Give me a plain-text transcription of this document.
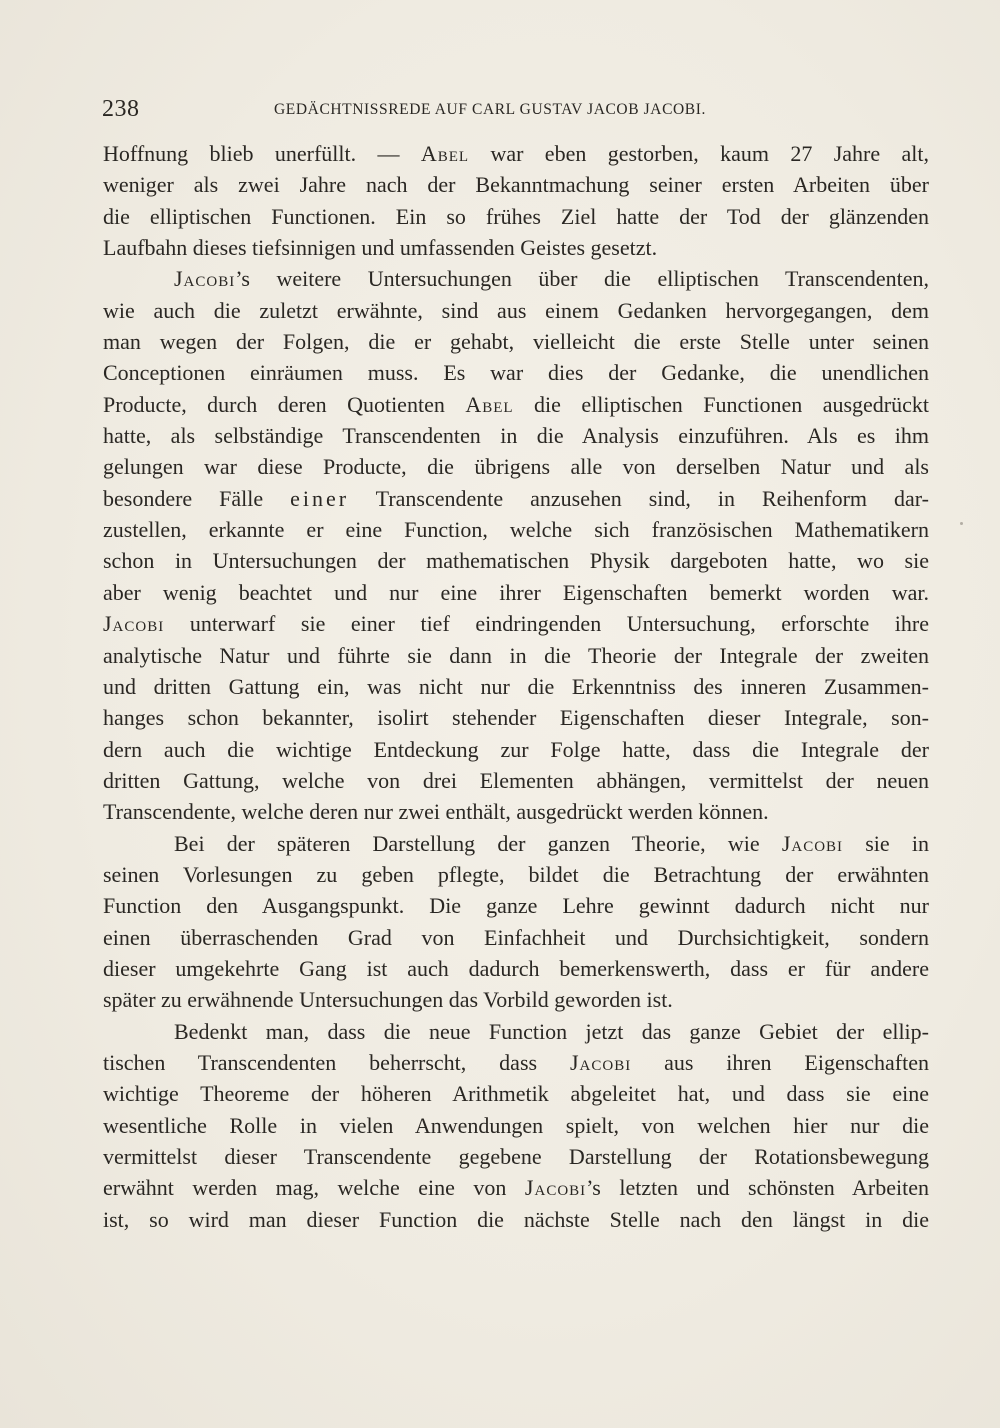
238	GEDÄCHTNISSREDE AUF CARL GUSTAV JACOB JACOBI.
Hoffnung blieb unerfüllt. — Abel war eben gestorben, kaum 27 Jahre alt,
weniger als zwei Jahre nach der Bekanntmachung seiner ersten Arbeiten über
die elliptischen Functionen. Ein so frühes Ziel hatte der Tod der glänzenden
Laufbahn dieses tiefsinnigen und umfassenden Geistes gesetzt.
Jacobi’s weitere Untersuchungen über die elliptischen Transcendenten,
wie auch die zuletzt erwähnte, sind aus einem Gedanken hervorgegangen, dem
man wegen der Folgen, die er gehabt, vielleicht die erste Stelle unter seinen
Conceptionen einräumen muss. Es war dies der Gedanke, die unendlichen
Producte, durch deren Quotienten Abel die elliptischen Functionen ausgedrückt
hatte, als selbständige Transcendenten in die Analysis einzuführen. Als es ihm
gelungen war diese Producte, die übrigens alle von derselben Natur und als
besondere Fälle einer Transcendente anzusehen sind, in Reihenform dar-
zustellen, erkannte er eine Function, welche sich französischen Mathematikern
schon in Untersuchungen der mathematischen Physik dargeboten hatte, wo sie
aber wenig beachtet und nur eine ihrer Eigenschaften bemerkt worden war.
Jacobi unterwarf sie einer tief eindringenden Untersuchung, erforschte ihre
analytische Natur und führte sie dann in die Theorie der Integrale der zweiten
und dritten Gattung ein, was nicht nur die Erkenntniss des inneren Zusammen-
hanges schon bekannter, isolirt stehender Eigenschaften dieser Integrale, son-
dern auch die wichtige Entdeckung zur Folge hatte, dass die Integrale der
dritten Gattung, welche von drei Elementen abhängen, vermittelst der neuen
Transcendente, welche deren nur zwei enthält, ausgedrückt werden können.
Bei der späteren Darstellung der ganzen Theorie, wie Jacobi sie in
seinen Vorlesungen zu geben pflegte, bildet die Betrachtung der erwähnten
Function den Ausgangspunkt. Die ganze Lehre gewinnt dadurch nicht nur
einen überraschenden Grad von Einfachheit und Durchsichtigkeit, sondern
dieser umgekehrte Gang ist auch dadurch bemerkenswerth, dass er für andere
später zu erwähnende Untersuchungen das Vorbild geworden ist.
Bedenkt man, dass die neue Function jetzt das ganze Gebiet der ellip-
tischen Transcendenten beherrscht, dass Jacobi aus ihren Eigenschaften
wichtige Theoreme der höheren Arithmetik abgeleitet hat, und dass sie eine
wesentliche Rolle in vielen Anwendungen spielt, von welchen hier nur die
vermittelst dieser Transcendente gegebene Darstellung der Rotationsbewegung
erwähnt werden mag, welche eine von Jacobi’s letzten und schönsten Arbeiten
ist, so wird man dieser Function die nächste Stelle nach den längst in die
